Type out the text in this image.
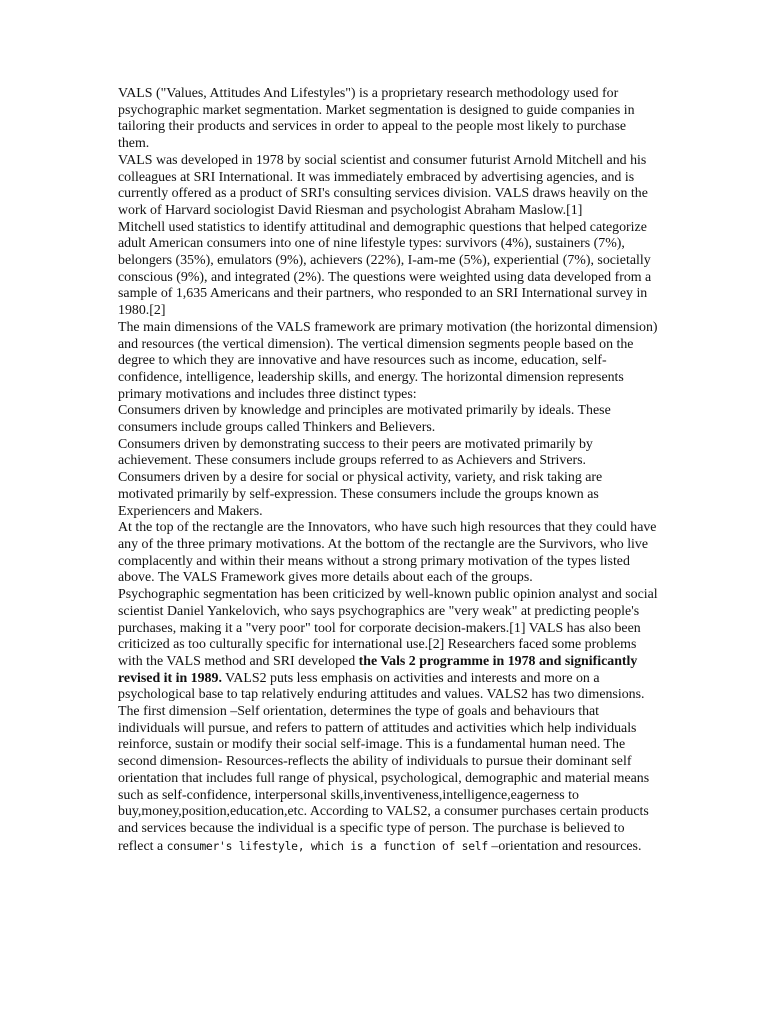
VALS ("Values, Attitudes And Lifestyles") is a proprietary research methodology used for psychographic market segmentation. Market segmentation is designed to guide companies in tailoring their products and services in order to appeal to the people most likely to purchase them.

VALS was developed in 1978 by social scientist and consumer futurist Arnold Mitchell and his colleagues at SRI International. It was immediately embraced by advertising agencies, and is currently offered as a product of SRI's consulting services division. VALS draws heavily on the work of Harvard sociologist David Riesman and psychologist Abraham Maslow.[1]

Mitchell used statistics to identify attitudinal and demographic questions that helped categorize adult American consumers into one of nine lifestyle types: survivors (4%), sustainers (7%), belongers (35%), emulators (9%), achievers (22%), I-am-me (5%), experiential (7%), societally conscious (9%), and integrated (2%). The questions were weighted using data developed from a sample of 1,635 Americans and their partners, who responded to an SRI International survey in 1980.[2]

The main dimensions of the VALS framework are primary motivation (the horizontal dimension) and resources (the vertical dimension). The vertical dimension segments people based on the degree to which they are innovative and have resources such as income, education, self-confidence, intelligence, leadership skills, and energy. The horizontal dimension represents primary motivations and includes three distinct types:

Consumers driven by knowledge and principles are motivated primarily by ideals. These consumers include groups called Thinkers and Believers.

Consumers driven by demonstrating success to their peers are motivated primarily by achievement. These consumers include groups referred to as Achievers and Strivers.

Consumers driven by a desire for social or physical activity, variety, and risk taking are motivated primarily by self-expression. These consumers include the groups known as Experiencers and Makers.

At the top of the rectangle are the Innovators, who have such high resources that they could have any of the three primary motivations. At the bottom of the rectangle are the Survivors, who live complacently and within their means without a strong primary motivation of the types listed above. The VALS Framework gives more details about each of the groups.

Psychographic segmentation has been criticized by well-known public opinion analyst and social scientist Daniel Yankelovich, who says psychographics are "very weak" at predicting people's purchases, making it a "very poor" tool for corporate decision-makers.[1] VALS has also been criticized as too culturally specific for international use.[2] Researchers faced some problems with the VALS method and SRI developed the Vals 2 programme in 1978 and significantly revised it in 1989. VALS2 puts less emphasis on activities and interests and more on a psychological base to tap relatively enduring attitudes and values. VALS2 has two dimensions. The first dimension –Self orientation, determines the type of goals and behaviours that individuals will pursue, and refers to pattern of attitudes and activities which help individuals reinforce, sustain or modify their social self-image. This is a fundamental human need. The second dimension- Resources-reflects the ability of individuals to pursue their dominant self orientation that includes full range of physical, psychological, demographic and material means such as self-confidence, interpersonal skills,inventiveness,intelligence,eagerness to buy,money,position,education,etc. According to VALS2, a consumer purchases certain products and services because the individual is a specific type of person. The purchase is believed to reflect a consumer's lifestyle, which is a function of self –orientation and resources.
